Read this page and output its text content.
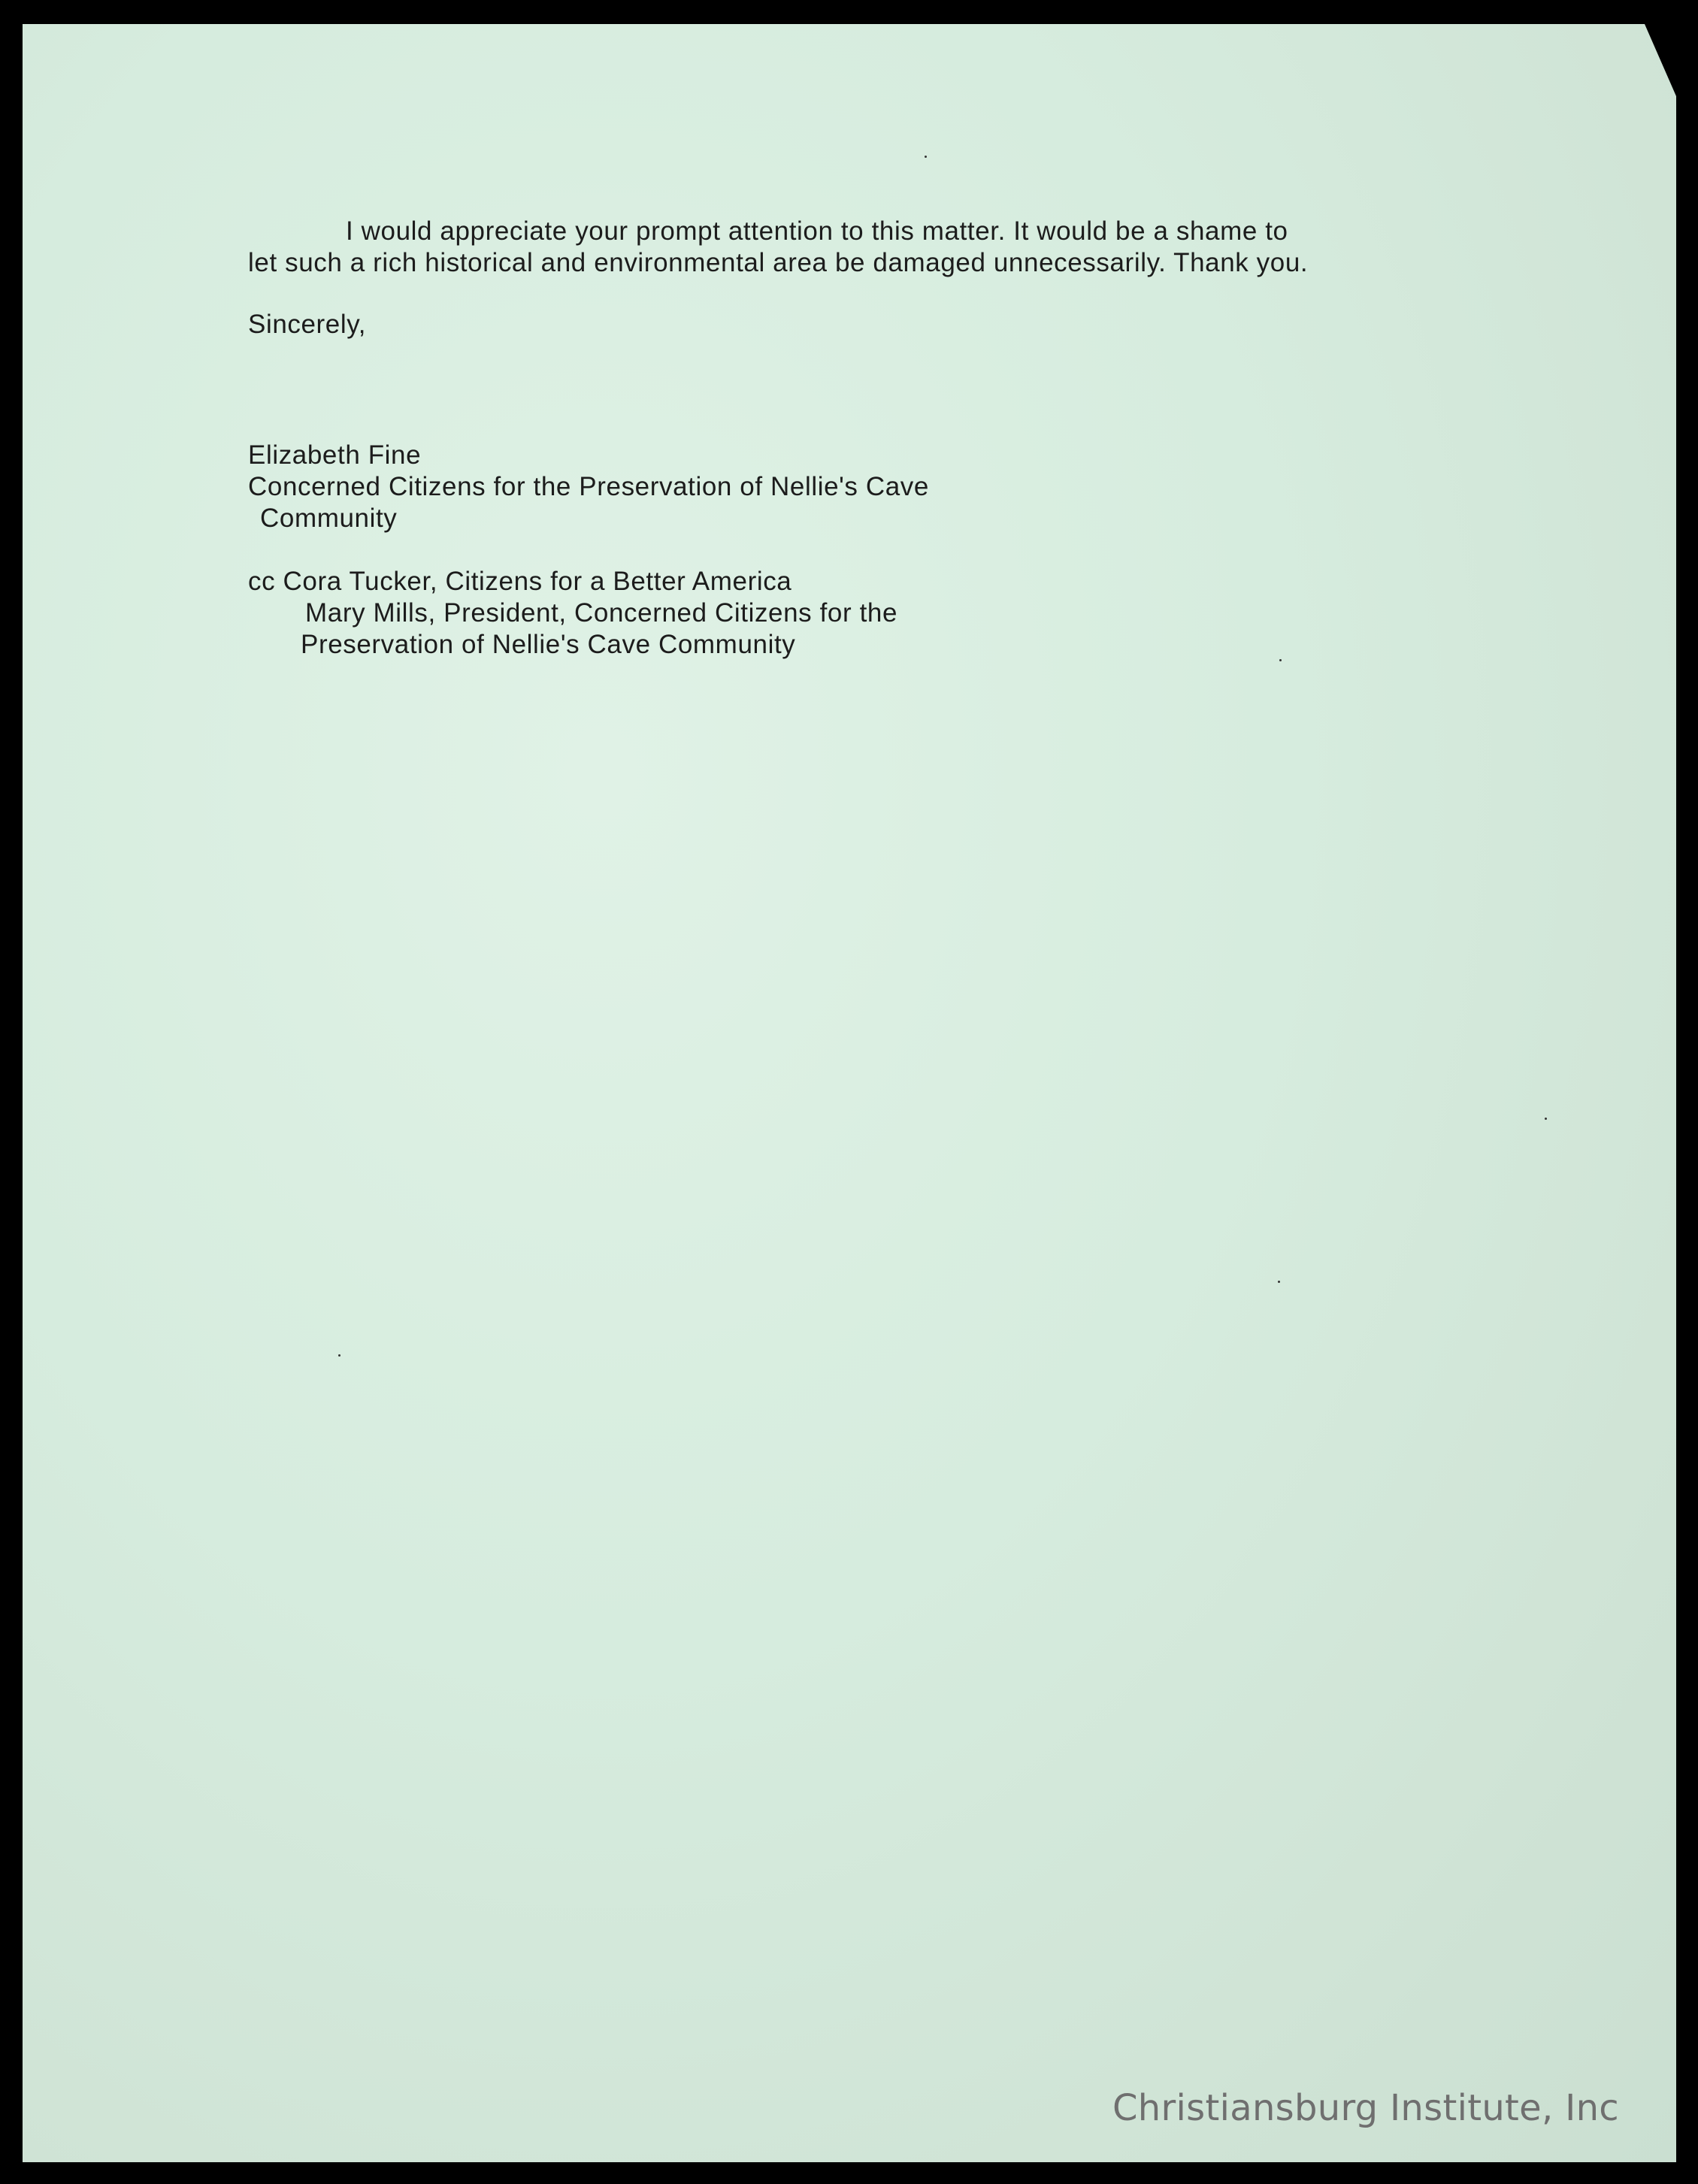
I would appreciate your prompt attention to this matter. It would be a shame to

let such a rich historical and environmental area be damaged unnecessarily. Thank you.

Sincerely,

Elizabeth Fine

Concerned Citizens for the Preservation of Nellie's Cave

Community

cc Cora Tucker, Citizens for a Better America

Mary Mills, President, Concerned Citizens for the

Preservation of Nellie's Cave Community

Christiansburg Institute, Inc
